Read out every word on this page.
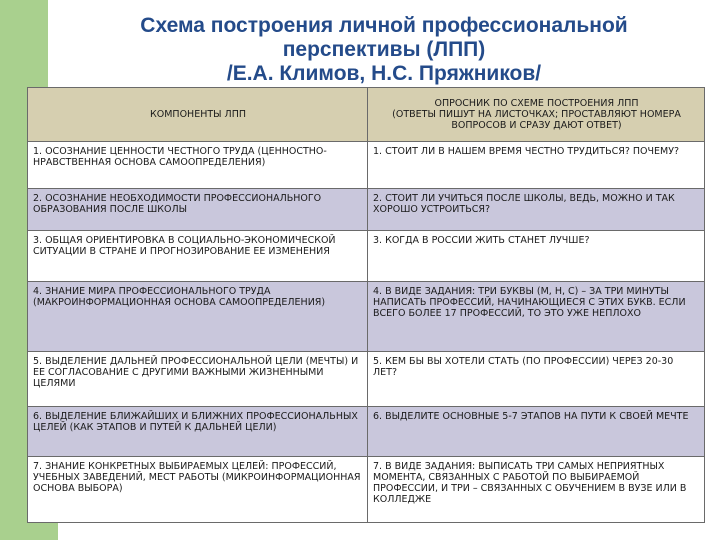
Схема построения личной профессиональной
перспективы (ЛПП)
/Е.А. Климов, Н.С. Пряжников/
КОМПОНЕНТЫ ЛПП	ОПРОСНИК ПО СХЕМЕ ПОСТРОЕНИЯ ЛПП
(ОТВЕТЫ ПИШУТ НА ЛИСТОЧКАХ; ПРОСТАВЛЯЮТ НОМЕРА ВОПРОСОВ И СРАЗУ ДАЮТ ОТВЕТ)

1. ОСОЗНАНИЕ ЦЕННОСТИ ЧЕСТНОГО ТРУДА (ЦЕННОСТНО-НРАВСТВЕННАЯ ОСНОВА САМООПРЕДЕЛЕНИЯ)	1. СТОИТ ЛИ В НАШЕМ ВРЕМЯ ЧЕСТНО ТРУДИТЬСЯ? ПОЧЕМУ?
2. ОСОЗНАНИЕ НЕОБХОДИМОСТИ ПРОФЕССИОНАЛЬНОГО ОБРАЗОВАНИЯ ПОСЛЕ ШКОЛЫ	2. СТОИТ ЛИ УЧИТЬСЯ ПОСЛЕ ШКОЛЫ, ВЕДЬ, МОЖНО И ТАК ХОРОШО УСТРОИТЬСЯ?
3. ОБЩАЯ ОРИЕНТИРОВКА В СОЦИАЛЬНО-ЭКОНОМИЧЕСКОЙ СИТУАЦИИ В СТРАНЕ И ПРОГНОЗИРОВАНИЕ ЕЕ ИЗМЕНЕНИЯ	3. КОГДА В РОССИИ ЖИТЬ СТАНЕТ ЛУЧШЕ?
4. ЗНАНИЕ МИРА ПРОФЕССИОНАЛЬНОГО ТРУДА (МАКРОИНФОРМАЦИОННАЯ ОСНОВА САМООПРЕДЕЛЕНИЯ)	4. В ВИДЕ ЗАДАНИЯ: ТРИ БУКВЫ (М, Н, С) – ЗА ТРИ МИНУТЫ НАПИСАТЬ ПРОФЕССИЙ, НАЧИНАЮЩИЕСЯ С ЭТИХ БУКВ. ЕСЛИ ВСЕГО БОЛЕЕ 17 ПРОФЕССИЙ, ТО ЭТО УЖЕ НЕПЛОХО
5. ВЫДЕЛЕНИЕ ДАЛЬНЕЙ ПРОФЕССИОНАЛЬНОЙ ЦЕЛИ (МЕЧТЫ) И ЕЕ СОГЛАСОВАНИЕ С ДРУГИМИ ВАЖНЫМИ ЖИЗНЕННЫМИ ЦЕЛЯМИ	5. КЕМ БЫ ВЫ ХОТЕЛИ СТАТЬ (ПО ПРОФЕССИИ) ЧЕРЕЗ 20-30 ЛЕТ?
6. ВЫДЕЛЕНИЕ БЛИЖАЙШИХ И БЛИЖНИХ ПРОФЕССИОНАЛЬНЫХ ЦЕЛЕЙ (КАК ЭТАПОВ И ПУТЕЙ К ДАЛЬНЕЙ ЦЕЛИ)	6. ВЫДЕЛИТЕ ОСНОВНЫЕ 5-7 ЭТАПОВ НА ПУТИ К СВОЕЙ МЕЧТЕ
7. ЗНАНИЕ КОНКРЕТНЫХ ВЫБИРАЕМЫХ ЦЕЛЕЙ: ПРОФЕССИЙ, УЧЕБНЫХ ЗАВЕДЕНИЙ, МЕСТ РАБОТЫ (МИКРОИНФОРМАЦИОННАЯ ОСНОВА ВЫБОРА)	7. В ВИДЕ ЗАДАНИЯ: ВЫПИСАТЬ ТРИ САМЫХ НЕПРИЯТНЫХ МОМЕНТА, СВЯЗАННЫХ С РАБОТОЙ ПО ВЫБИРАЕМОЙ ПРОФЕССИИ, И ТРИ – СВЯЗАННЫХ С ОБУЧЕНИЕМ В ВУЗЕ ИЛИ В КОЛЛЕДЖЕ
